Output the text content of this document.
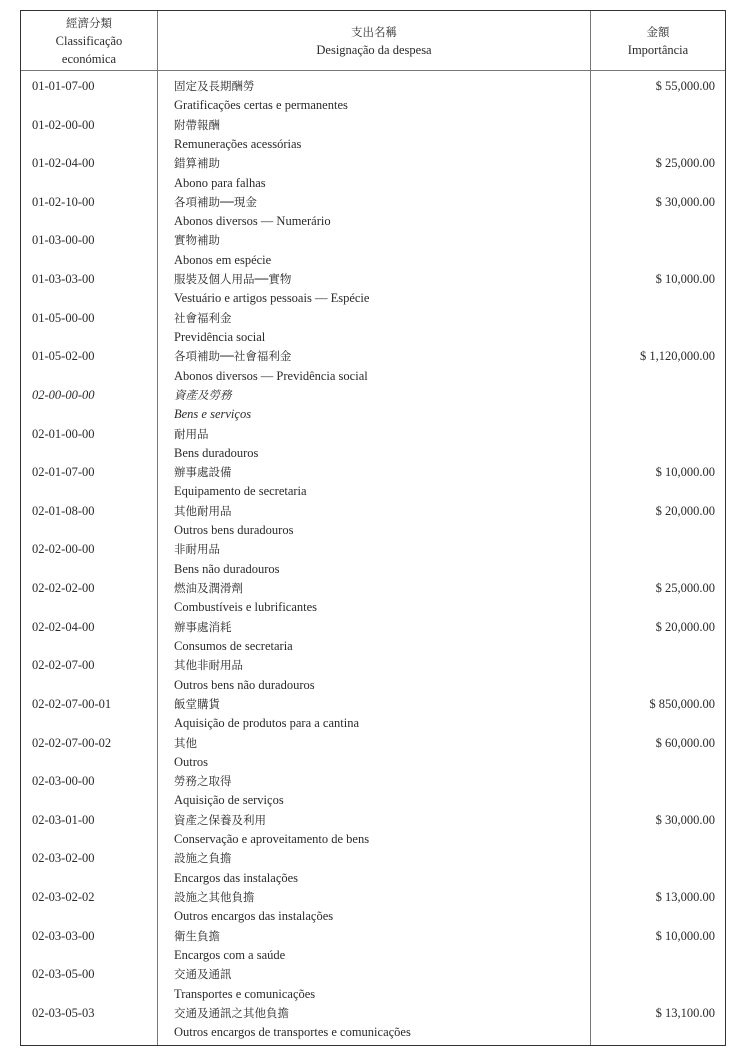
經濟分類
Classificação
económica
支出名稱
Designação da despesa
金額
Importância
01-01-07-00	固定及長期酬勞
Gratificações certas e permanentes
$ 55,000.00
01-02-00-00	附帶報酬
Remunerações acessórias
01-02-04-00	錯算補助
Abono para falhas
$ 25,000.00
01-02-10-00	各項補助──現金
Abonos diversos — Numerário
$ 30,000.00
01-03-00-00	實物補助
Abonos em espécie
01-03-03-00	服裝及個人用品──實物
Vestuário e artigos pessoais — Espécie
$ 10,000.00
01-05-00-00	社會福利金
Previdência social
01-05-02-00	各項補助──社會福利金
Abonos diversos — Previdência social
$ 1,120,000.00
02-00-00-00	資產及勞務
Bens e serviços
02-01-00-00	耐用品
Bens duradouros
02-01-07-00	辦事處設備
Equipamento de secretaria
$ 10,000.00
02-01-08-00	其他耐用品
Outros bens duradouros
$ 20,000.00
02-02-00-00	非耐用品
Bens não duradouros
02-02-02-00	燃油及潤滑劑
Combustíveis e lubrificantes
$ 25,000.00
02-02-04-00	辦事處消耗
Consumos de secretaria
$ 20,000.00
02-02-07-00	其他非耐用品
Outros bens não duradouros
02-02-07-00-01	飯堂購貨
Aquisição de produtos para a cantina
$ 850,000.00
02-02-07-00-02	其他
Outros
$ 60,000.00
02-03-00-00	勞務之取得
Aquisição de serviços
02-03-01-00	資產之保養及利用
Conservação e aproveitamento de bens
$ 30,000.00
02-03-02-00	設施之負擔
Encargos das instalações
02-03-02-02	設施之其他負擔
Outros encargos das instalações
$ 13,000.00
02-03-03-00	衛生負擔
Encargos com a saúde
$ 10,000.00
02-03-05-00	交通及通訊
Transportes e comunicações
02-03-05-03	交通及通訊之其他負擔
Outros encargos de transportes e comunicações
$ 13,100.00
